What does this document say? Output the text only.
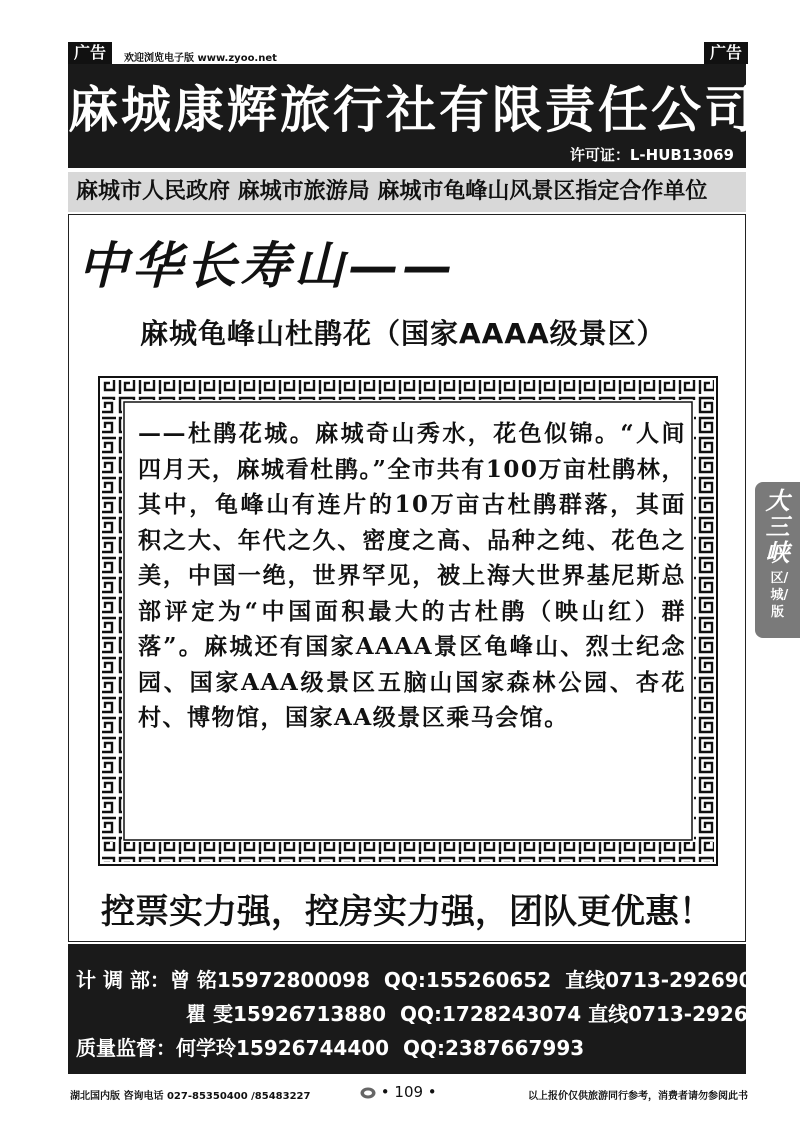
广告	欢迎浏览电子版 www.zyoo.net	广告
麻城康辉旅行社有限责任公司
许可证：L-HUB13069
麻城市人民政府 麻城市旅游局 麻城市龟峰山风景区指定合作单位
中华长寿山——
麻城龟峰山杜鹃花（国家AAAA级景区）
——杜鹃花城。麻城奇山秀水，花色似锦。“人间四月天，麻城看杜鹃。”全市共有100万亩杜鹃林，其中，龟峰山有连片的10万亩古杜鹃群落，其面积之大、年代之久、密度之高、品种之纯、花色之美，中国一绝，世界罕见，被上海大世界基尼斯总部评定为“中国面积最大的古杜鹃（映山红）群落”。麻城还有国家AAAA景区龟峰山、烈士纪念园、国家AAA级景区五脑山国家森林公园、杏花村、博物馆，国家AA级景区乘马会馆。
控票实力强，控房实力强，团队更优惠！
计 调 部：曾 铭15972800098 QQ:155260652 直线0713-2926906
瞿 雯15926713880 QQ:1728243074 直线0713-2926936
质量监督：何学玲15926744400 QQ:2387667993
湖北国内版 咨询电话 027-85350400 /85483227	• 109 •	以上报价仅供旅游同行参考，消费者请勿参阅此书
大三峡
区/城/版
